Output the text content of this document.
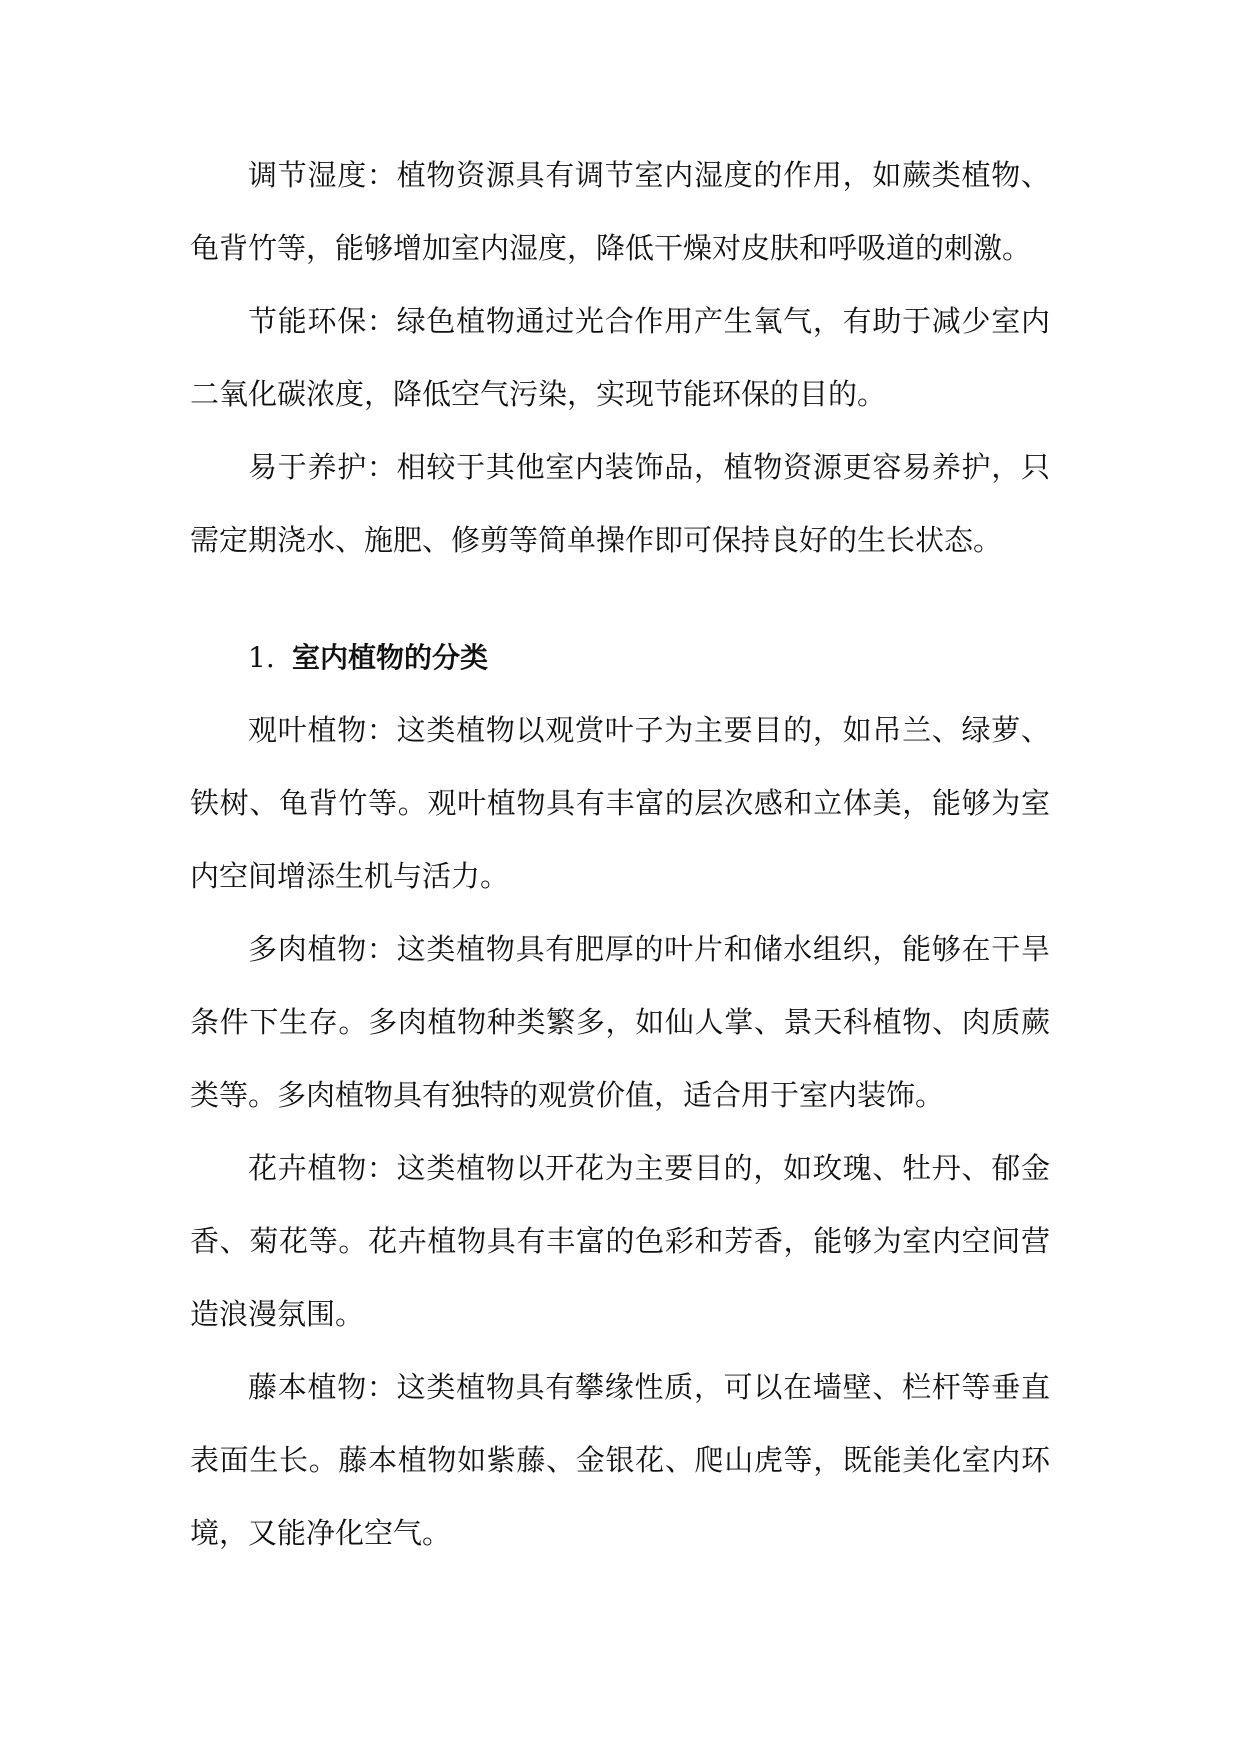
调节湿度：植物资源具有调节室内湿度的作用，如蕨类植物、龟背竹等，能够增加室内湿度，降低干燥对皮肤和呼吸道的刺激。

节能环保：绿色植物通过光合作用产生氧气，有助于减少室内二氧化碳浓度，降低空气污染，实现节能环保的目的。

易于养护：相较于其他室内装饰品，植物资源更容易养护，只需定期浇水、施肥、修剪等简单操作即可保持良好的生长状态。

1. 室内植物的分类

观叶植物：这类植物以观赏叶子为主要目的，如吊兰、绿萝、铁树、龟背竹等。观叶植物具有丰富的层次感和立体美，能够为室内空间增添生机与活力。

多肉植物：这类植物具有肥厚的叶片和储水组织，能够在干旱条件下生存。多肉植物种类繁多，如仙人掌、景天科植物、肉质蕨类等。多肉植物具有独特的观赏价值，适合用于室内装饰。

花卉植物：这类植物以开花为主要目的，如玫瑰、牡丹、郁金香、菊花等。花卉植物具有丰富的色彩和芳香，能够为室内空间营造浪漫氛围。

藤本植物：这类植物具有攀缘性质，可以在墙壁、栏杆等垂直表面生长。藤本植物如紫藤、金银花、爬山虎等，既能美化室内环境，又能净化空气。
